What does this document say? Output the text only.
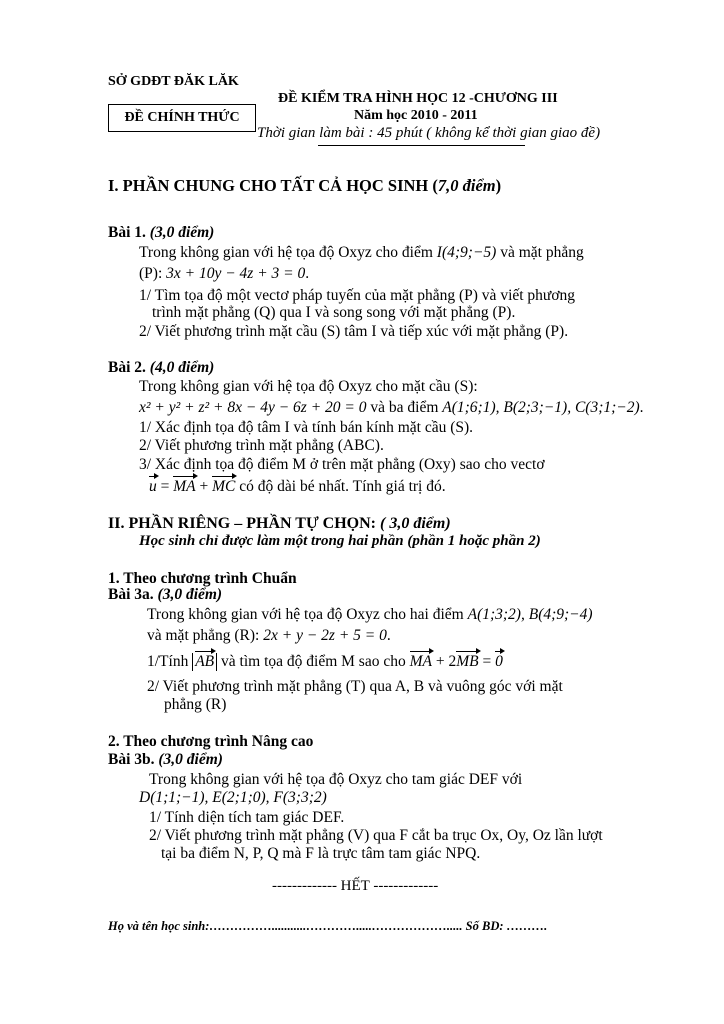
SỞ GDĐT ĐĂK LĂK
ĐỀ CHÍNH THỨC
ĐỀ KIỂM TRA HÌNH HỌC 12 -CHƯƠNG III
Năm học 2010 - 2011
Thời gian làm bài : 45 phút ( không kể thời gian giao đề)
I. PHẦN CHUNG CHO TẤT CẢ HỌC SINH (7,0 điểm)
Bài 1. (3,0 điểm)
Trong không gian với hệ tọa độ Oxyz cho điểm I(4;9;−5) và mặt phẳng
(P): 3x + 10y − 4z + 3 = 0.
1/ Tìm tọa độ một vectơ pháp tuyến của mặt phẳng (P) và viết phương
trình mặt phẳng (Q) qua I và song song với mặt phẳng (P).
2/ Viết phương trình mặt cầu (S) tâm I và tiếp xúc với mặt phẳng (P).
Bài 2. (4,0 điểm)
Trong không gian với hệ tọa độ Oxyz cho mặt cầu (S):
x² + y² + z² + 8x − 4y − 6z + 20 = 0 và ba điểm A(1;6;1), B(2;3;−1), C(3;1;−2).
1/ Xác định tọa độ tâm I và tính bán kính mặt cầu (S).
2/ Viết phương trình mặt phẳng (ABC).
3/ Xác định tọa độ điểm M ở trên mặt phẳng (Oxy) sao cho vectơ
u = MA + MC có độ dài bé nhất. Tính giá trị đó.
II. PHẦN RIÊNG – PHẦN TỰ CHỌN: ( 3,0 điểm)
Học sinh chỉ được làm một trong hai phần (phần 1 hoặc phần 2)
1. Theo chương trình Chuẩn
Bài 3a. (3,0 điểm)
Trong không gian với hệ tọa độ Oxyz cho hai điểm A(1;3;2), B(4;9;−4)
và mặt phẳng (R): 2x + y − 2z + 5 = 0.
1/Tính AB và tìm tọa độ điểm M sao cho MA + 2MB = 0
2/ Viết phương trình mặt phẳng (T) qua A, B và vuông góc với mặt
phẳng (R)
2. Theo chương trình Nâng cao
Bài 3b. (3,0 điểm)
Trong không gian với hệ tọa độ Oxyz cho tam giác DEF với
D(1;1;−1), E(2;1;0), F(3;3;2)
1/ Tính diện tích tam giác DEF.
2/ Viết phương trình mặt phẳng (V) qua F cắt ba trục Ox, Oy, Oz lần lượt
tại ba điểm N, P, Q mà F là trực tâm tam giác NPQ.
------------- HẾT -------------
Họ và tên học sinh:……………...........………….....………………..... Số BD: ……….
